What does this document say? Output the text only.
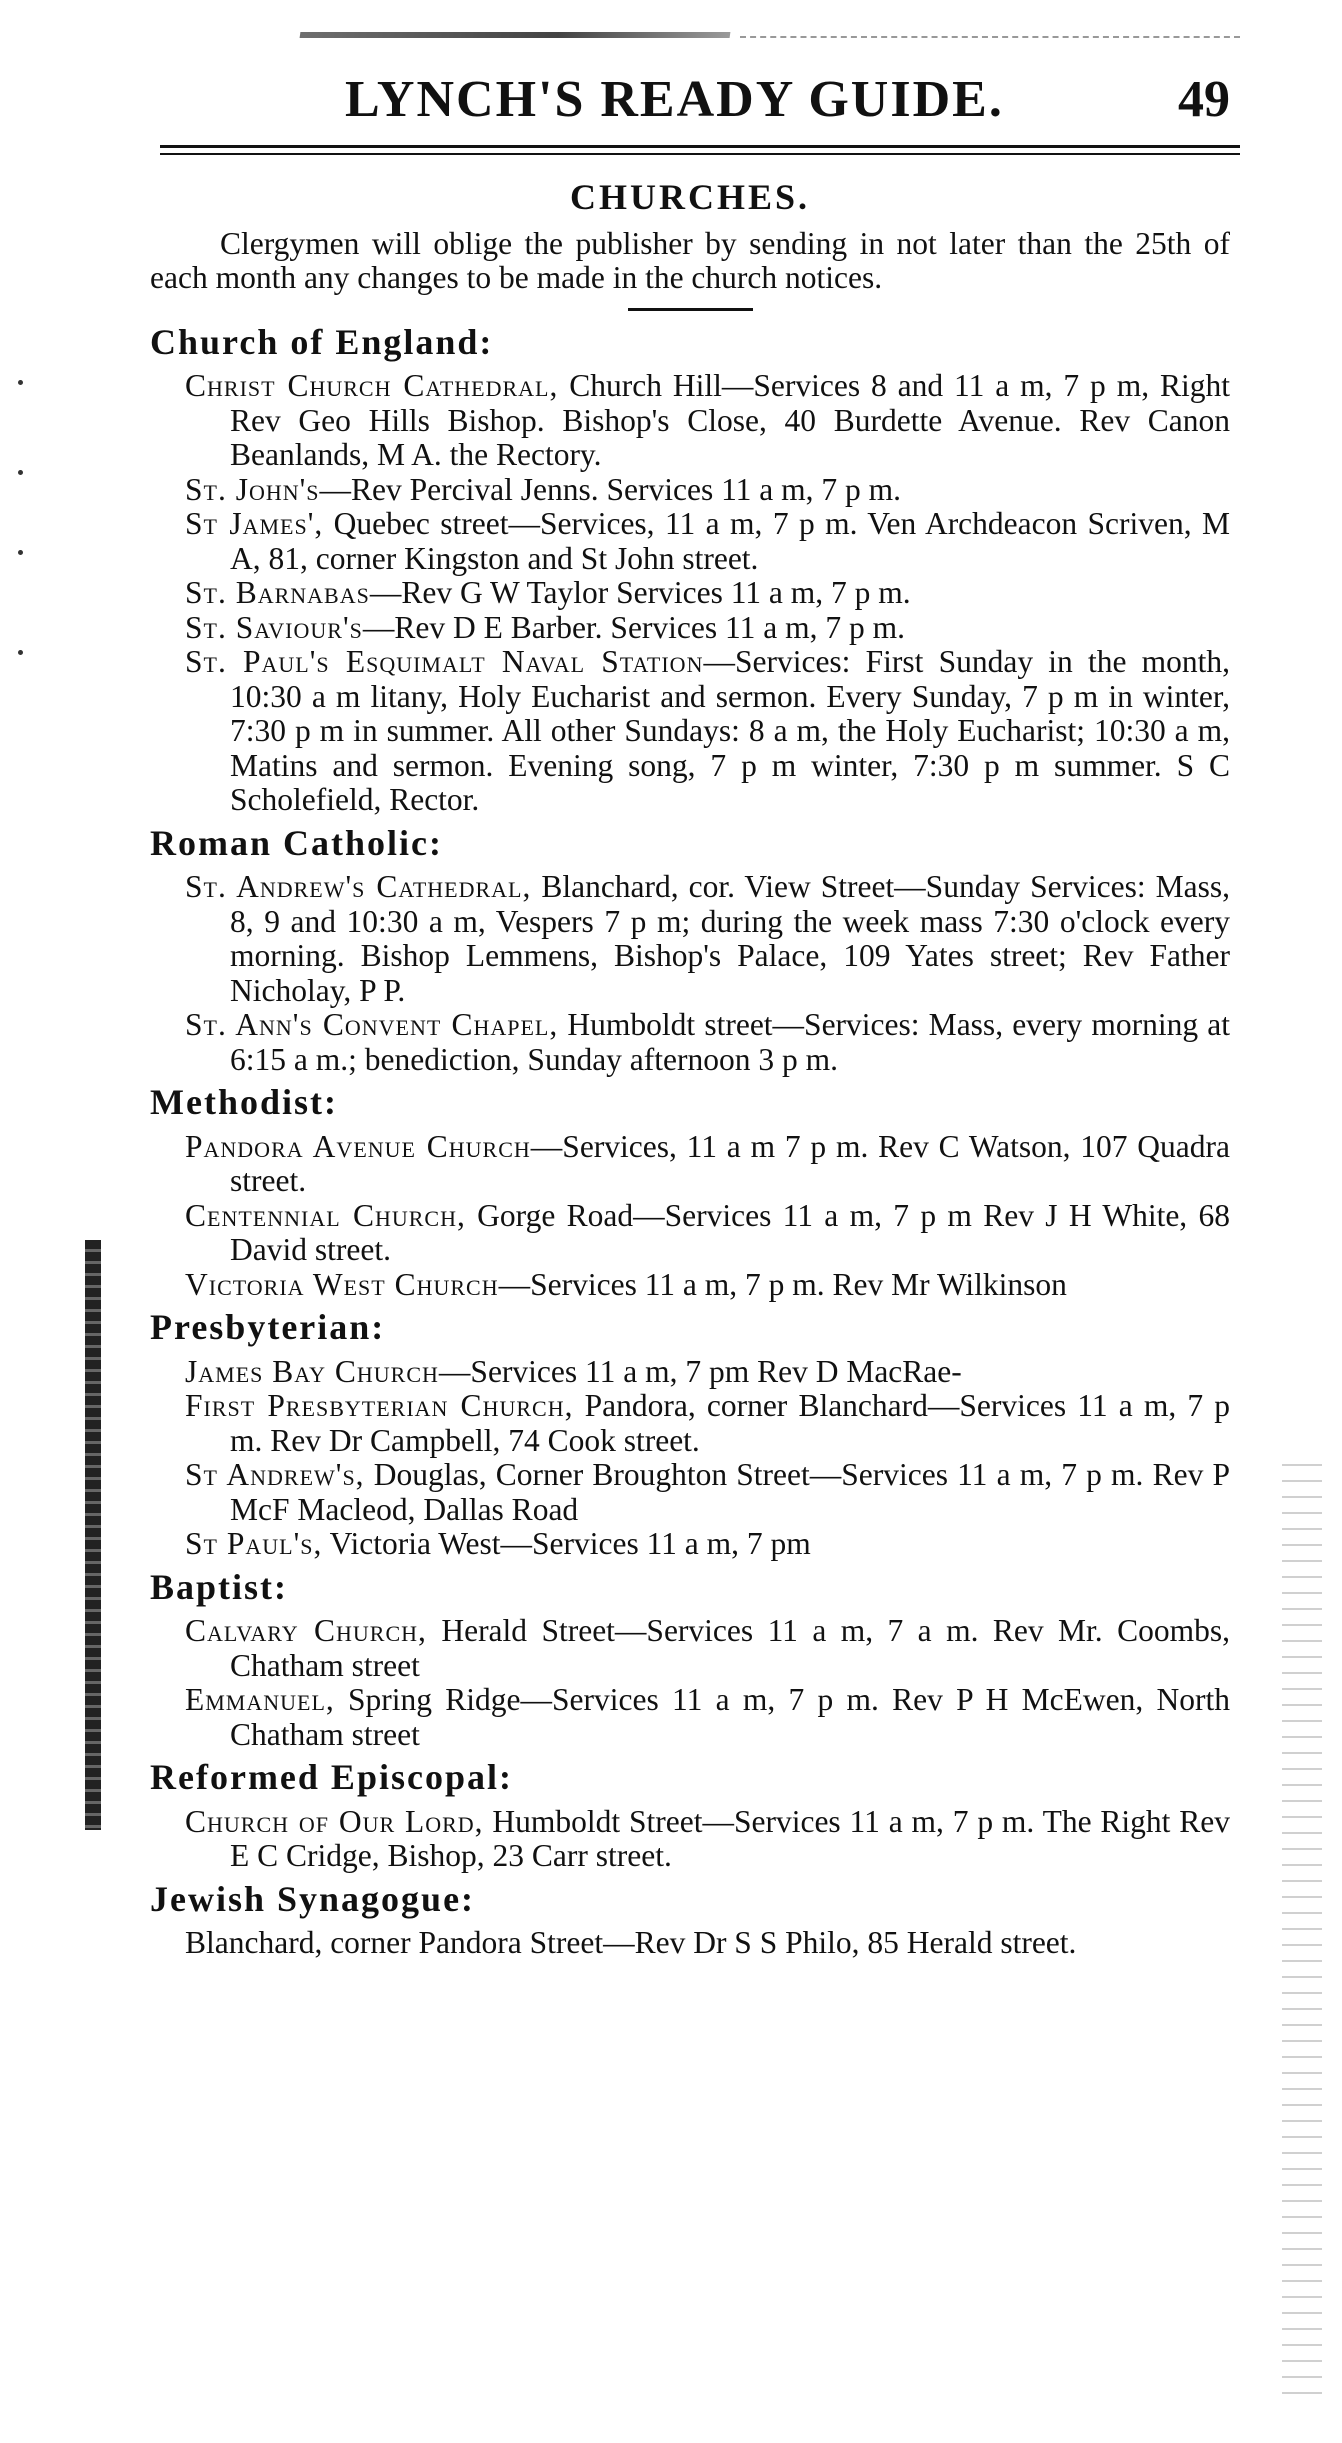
LYNCH'S READY GUIDE.	49
CHURCHES.

Clergymen will oblige the publisher by sending in not later than the 25th of each month any changes to be made in the church notices.

Church of England:

Christ Church Cathedral, Church Hill—Services 8 and 11 a m, 7 p m, Right Rev Geo Hills Bishop. Bishop's Close, 40 Burdette Avenue. Rev Canon Beanlands, M A. the Rectory.

St. John's—Rev Percival Jenns. Services 11 a m, 7 p m.

St James', Quebec street—Services, 11 a m, 7 p m. Ven Archdeacon Scriven, M A, 81, corner Kingston and St John street.

St. Barnabas—Rev G W Taylor Services 11 a m, 7 p m.

St. Saviour's—Rev D E Barber. Services 11 a m, 7 p m.

St. Paul's Esquimalt Naval Station—Services: First Sunday in the month, 10:30 a m litany, Holy Eucharist and sermon. Every Sunday, 7 p m in winter, 7:30 p m in summer. All other Sundays: 8 a m, the Holy Eucharist; 10:30 a m, Matins and sermon. Evening song, 7 p m winter, 7:30 p m summer. S C Scholefield, Rector.

Roman Catholic:

St. Andrew's Cathedral, Blanchard, cor. View Street—Sunday Services: Mass, 8, 9 and 10:30 a m, Vespers 7 p m; during the week mass 7:30 o'clock every morning. Bishop Lemmens, Bishop's Palace, 109 Yates street; Rev Father Nicholay, P P.

St. Ann's Convent Chapel, Humboldt street—Services: Mass, every morning at 6:15 a m.; benediction, Sunday afternoon 3 p m.

Methodist:

Pandora Avenue Church—Services, 11 a m 7 p m. Rev C Watson, 107 Quadra street.

Centennial Church, Gorge Road—Services 11 a m, 7 p m Rev J H White, 68 David street.

Victoria West Church—Services 11 a m, 7 p m. Rev Mr Wilkinson

Presbyterian:

James Bay Church—Services 11 a m, 7 pm Rev D MacRae-

First Presbyterian Church, Pandora, corner Blanchard—Services 11 a m, 7 p m. Rev Dr Campbell, 74 Cook street.

St Andrew's, Douglas, Corner Broughton Street—Services 11 a m, 7 p m. Rev P McF Macleod, Dallas Road

St Paul's, Victoria West—Services 11 a m, 7 pm

Baptist:

Calvary Church, Herald Street—Services 11 a m, 7 a m. Rev Mr. Coombs, Chatham street

Emmanuel, Spring Ridge—Services 11 a m, 7 p m. Rev P H McEwen, North Chatham street

Reformed Episcopal:

Church of Our Lord, Humboldt Street—Services 11 a m, 7 p m. The Right Rev E C Cridge, Bishop, 23 Carr street.

Jewish Synagogue:

Blanchard, corner Pandora Street—Rev Dr S S Philo, 85 Herald street.
